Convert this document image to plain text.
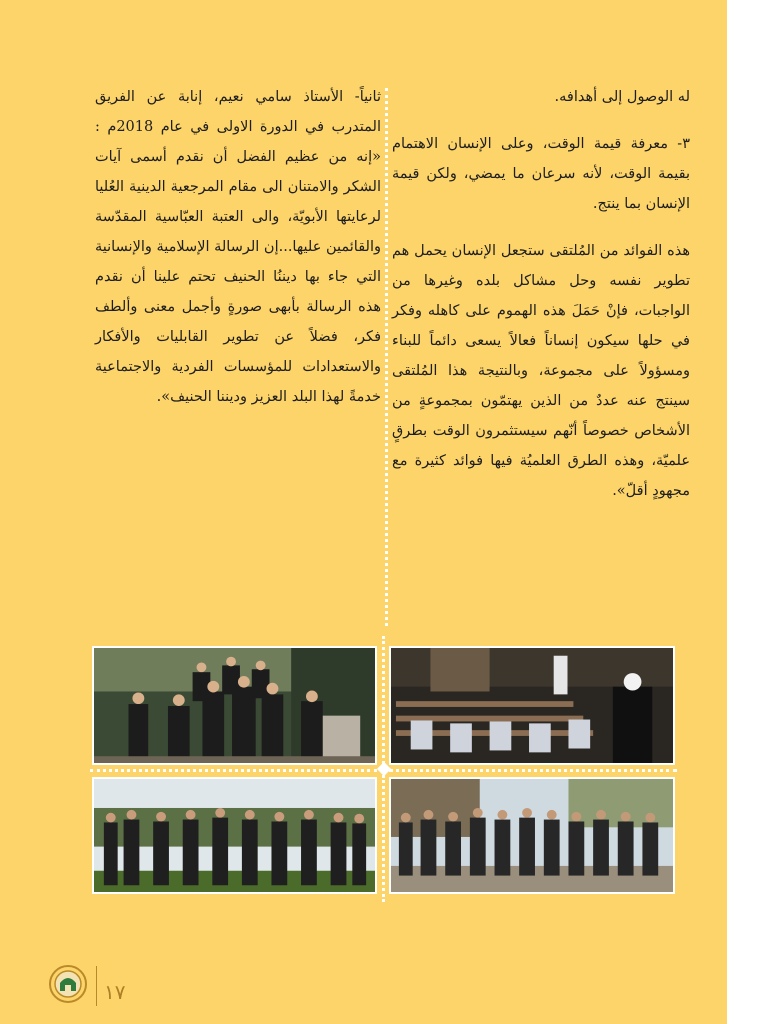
له الوصول إلى أهدافه.

٣- معرفة قيمة الوقت، وعلى الإنسان الاهتمام بقيمة الوقت، لأنه سرعان ما يمضي، ولكن قيمة الإنسان بما ينتج.

هذه الفوائد من المُلتقى ستجعل الإنسان يحمل هم تطوير نفسه وحل مشاكل بلده وغيرها من الواجبات، فإنْ حَمَلَ هذه الهموم على كاهله وفكر في حلها سيكون إنساناً فعالاً يسعى دائماً للبناء ومسؤولاً على مجموعة، وبالنتيجة هذا المُلتقى سينتج عنه عددٌ من الذين يهتمّون بمجموعةٍ من الأشخاص خصوصاً أنّهم سيستثمرون الوقت بطرقٍ علميّة، وهذه الطرق العلميُة فيها فوائد كثيرة مع مجهودٍ أقلّ».

ثانياً- الأستاذ سامي نعيم، إنابة عن الفريق المتدرب في الدورة الاولى في عام 2018م : «إنه من عظيم الفضل أن نقدم أسمى آيات الشكر والامتنان الى مقام المرجعية الدينية العُليا لرعايتها الأبويّة، والى العتبة العبّاسية المقدّسة والقائمين عليها...إن الرسالة الإسلامية والإنسانية التي جاء بها ديننُا الحنيف تحتم علينا أن نقدم هذه الرسالة بأبهى صورةٍ وأجمل معنى وألطف فكر، فضلاً عن تطوير القابليات والأفكار والاستعدادات للمؤسسات الفردية والاجتماعية خدمةً لهذا البلد العزيز وديننا الحنيف».

١٧
